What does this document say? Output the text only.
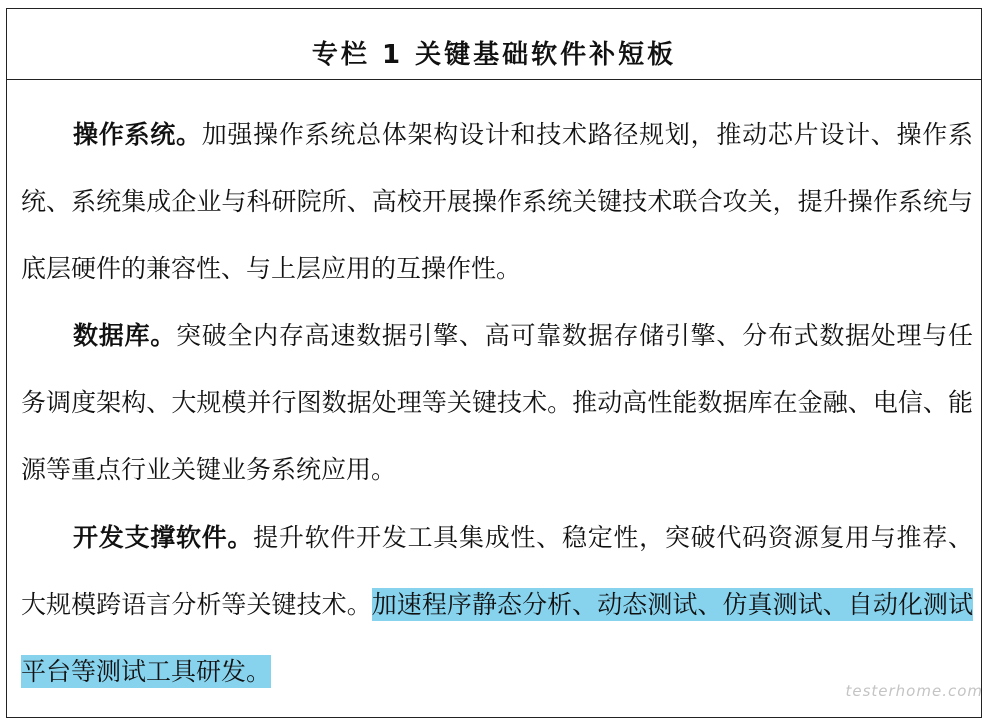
专栏 1 关键基础软件补短板

操作系统。加强操作系统总体架构设计和技术路径规划，推动芯片设计、操作系统、系统集成企业与科研院所、高校开展操作系统关键技术联合攻关，提升操作系统与底层硬件的兼容性、与上层应用的互操作性。

数据库。突破全内存高速数据引擎、高可靠数据存储引擎、分布式数据处理与任务调度架构、大规模并行图数据处理等关键技术。推动高性能数据库在金融、电信、能源等重点行业关键业务系统应用。

开发支撑软件。提升软件开发工具集成性、稳定性，突破代码资源复用与推荐、大规模跨语言分析等关键技术。加速程序静态分析、动态测试、仿真测试、自动化测试平台等测试工具研发。

testerhome.com
